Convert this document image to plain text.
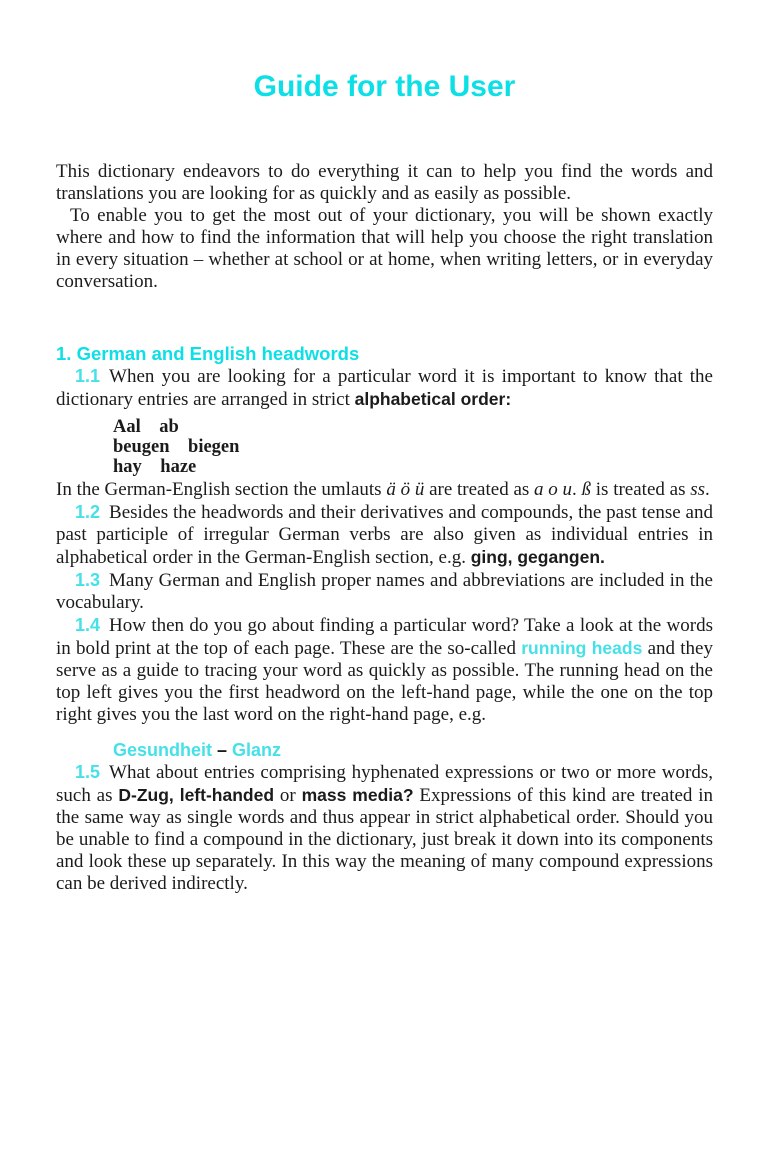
Guide for the User

This dictionary endeavors to do everything it can to help you find the words and translations you are looking for as quickly and as easily as possible.

To enable you to get the most out of your dictionary, you will be shown exactly where and how to find the information that will help you choose the right translation in every situation – whether at school or at home, when writing letters, or in everyday conversation.

1. German and English headwords

1.1 When you are looking for a particular word it is important to know that the dictionary entries are arranged in strict alphabetical order:

Aal    ab
beugen    biegen
hay    haze

In the German-English section the umlauts ä ö ü are treated as a o u. ß is treated as ss.

1.2 Besides the headwords and their derivatives and compounds, the past tense and past participle of irregular German verbs are also given as individual entries in alphabetical order in the German-English section, e.g. ging, gegangen.

1.3 Many German and English proper names and abbreviations are included in the vocabulary.

1.4 How then do you go about finding a particular word? Take a look at the words in bold print at the top of each page. These are the so-called running heads and they serve as a guide to tracing your word as quickly as possible. The running head on the top left gives you the first headword on the left-hand page, while the one on the top right gives you the last word on the right-hand page, e.g.

Gesundheit – Glanz

1.5 What about entries comprising hyphenated expressions or two or more words, such as D-Zug, left-handed or mass media? Expressions of this kind are treated in the same way as single words and thus appear in strict alphabetical order. Should you be unable to find a compound in the dictionary, just break it down into its components and look these up separately. In this way the meaning of many compound expressions can be derived indirectly.
